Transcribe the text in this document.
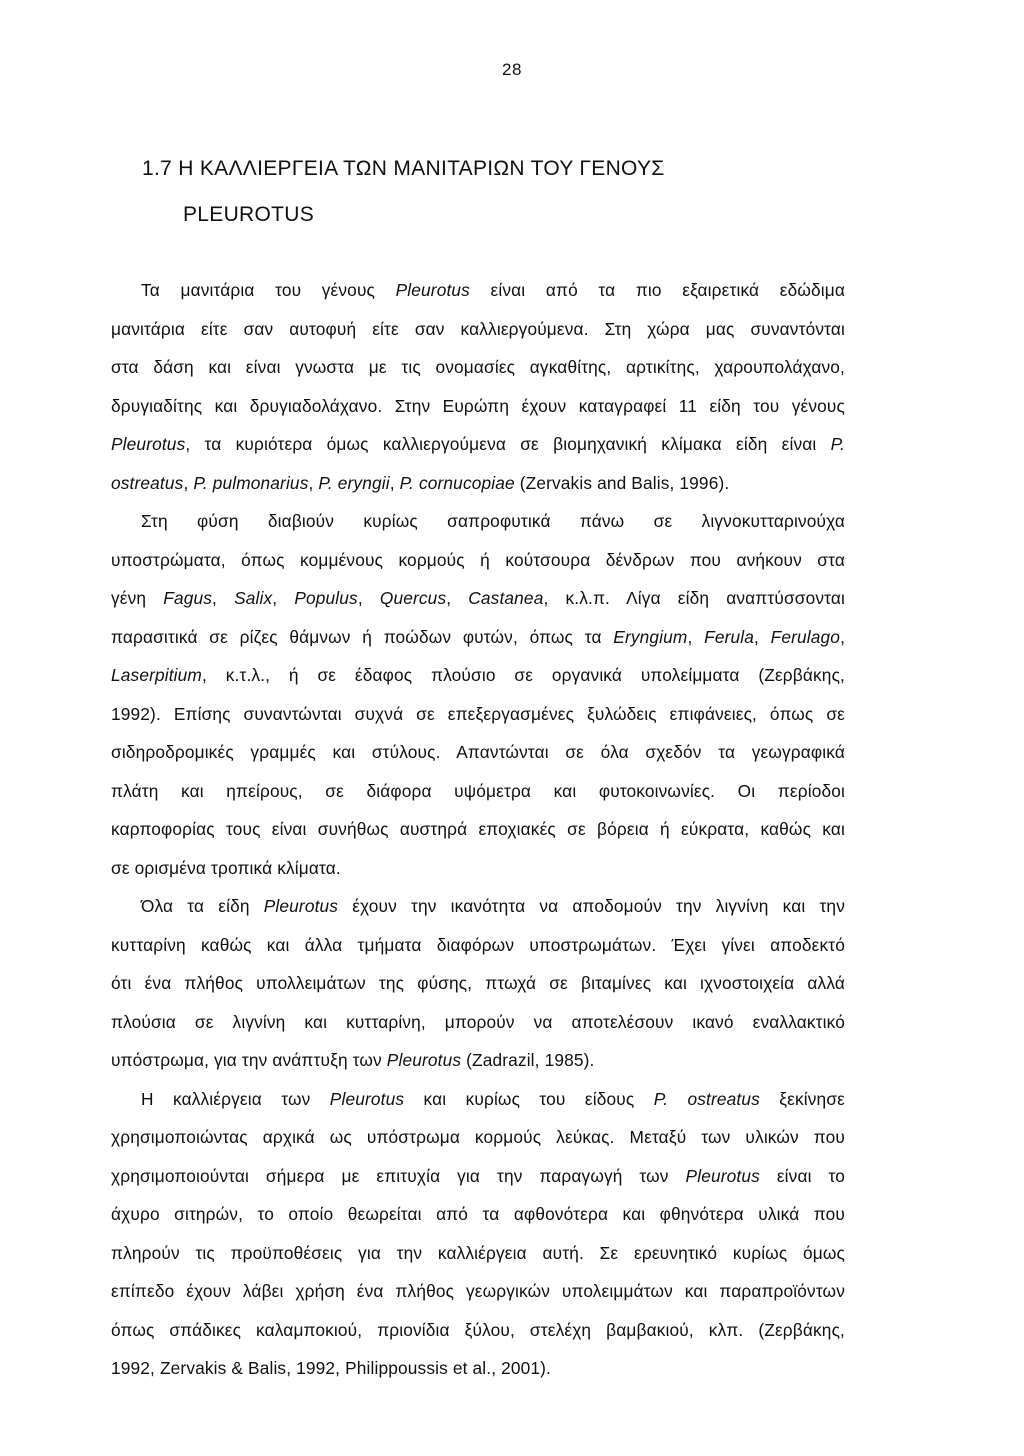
28
1.7 Η ΚΑΛΛΙΕΡΓΕΙΑ ΤΩΝ ΜΑΝΙΤΑΡΙΩΝ ΤΟΥ ΓΕΝΟΥΣ
PLEUROTUS
Τα μανιτάρια του γένους Pleurotus είναι από τα πιο εξαιρετικά εδώδιμα
μανιτάρια είτε σαν αυτοφυή είτε σαν καλλιεργούμενα. Στη χώρα μας συναντόνται
στα δάση και είναι γνωστα με τις ονομασίες αγκαθίτης, αρτικίτης, χαρουπολάχανο,
δρυγιαδίτης και δρυγιαδολάχανο. Στην Ευρώπη έχουν καταγραφεί 11 είδη του γένους
Pleurotus, τα κυριότερα όμως καλλιεργούμενα σε βιομηχανική κλίμακα είδη είναι P.
ostreatus, P. pulmonarius, P. eryngii, P. cornucopiae (Zervakis and Balis, 1996).
Στη φύση διαβιούν κυρίως σαπροφυτικά πάνω σε λιγνοκυτταρινούχα
υποστρώματα, όπως κομμένους κορμούς ή κούτσουρα δένδρων που ανήκουν στα
γένη Fagus, Salix, Populus, Quercus, Castanea, κ.λ.π. Λίγα είδη αναπτύσσονται
παρασιτικά σε ρίζες θάμνων ή ποώδων φυτών, όπως τα Eryngium, Ferula, Ferulago,
Laserpitium, κ.τ.λ., ή σε έδαφος πλούσιο σε οργανικά υπολείμματα (Ζερβάκης,
1992). Επίσης συναντώνται συχνά σε επεξεργασμένες ξυλώδεις επιφάνειες, όπως σε
σιδηροδρομικές γραμμές και στύλους. Απαντώνται σε όλα σχεδόν τα γεωγραφικά
πλάτη και ηπείρους, σε διάφορα υψόμετρα και φυτοκοινωνίες. Οι περίοδοι
καρποφορίας τους είναι συνήθως αυστηρά εποχιακές σε βόρεια ή εύκρατα, καθώς και
σε ορισμένα τροπικά κλίματα.
Όλα τα είδη Pleurotus έχουν την ικανότητα να αποδομούν την λιγνίνη και την
κυτταρίνη καθώς και άλλα τμήματα διαφόρων υποστρωμάτων. Έχει γίνει αποδεκτό
ότι ένα πλήθος υπολλειμάτων της φύσης, πτωχά σε βιταμίνες και ιχνοστοιχεία αλλά
πλούσια σε λιγνίνη και κυτταρίνη, μπορούν να αποτελέσουν ικανό εναλλακτικό
υπόστρωμα, για την ανάπτυξη των Pleurotus (Zadrazil, 1985).
Η καλλιέργεια των Pleurotus και κυρίως του είδους P. ostreatus ξεκίνησε
χρησιμοποιώντας αρχικά ως υπόστρωμα κορμούς λεύκας. Μεταξύ των υλικών που
χρησιμοποιούνται σήμερα με επιτυχία για την παραγωγή των Pleurotus είναι το
άχυρο σιτηρών, το οποίο θεωρείται από τα αφθονότερα και φθηνότερα υλικά που
πληρούν τις προϋποθέσεις για την καλλιέργεια αυτή. Σε ερευνητικό κυρίως όμως
επίπεδο έχουν λάβει χρήση ένα πλήθος γεωργικών υπολειμμάτων και παραπροϊόντων
όπως σπάδικες καλαμποκιού, πριονίδια ξύλου, στελέχη βαμβακιού, κλπ. (Ζερβάκης,
1992, Zervakis & Balis, 1992, Philippoussis et al., 2001).
